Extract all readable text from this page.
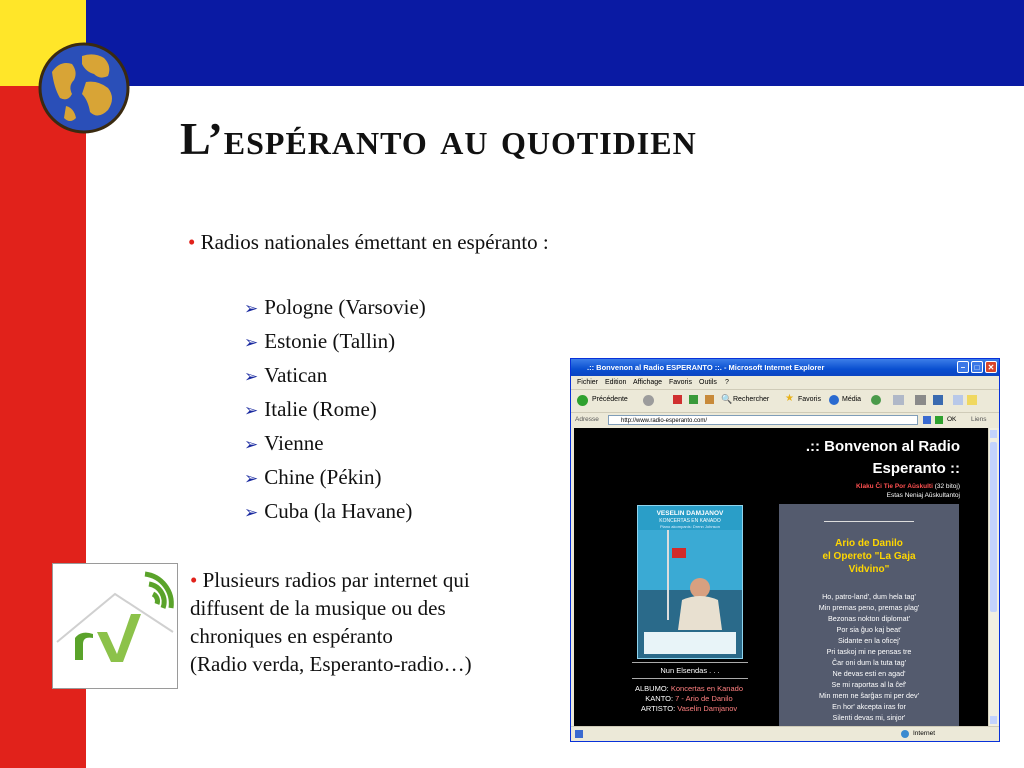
L’espéranto au quotidien
• Radios nationales émettant en espéranto :
➢ Pologne (Varsovie)
➢ Estonie (Tallin)
➢ Vatican
➢ Italie (Rome)
➢ Vienne
➢ Chine (Pékin)
➢ Cuba (la Havane)
• Plusieurs radios par internet qui
diffusent de la musique ou des
chroniques en espéranto
(Radio verda, Esperanto-radio…)
.:: Bonvenon al Radio ESPERANTO ::. - Microsoft Internet Explorer	–	□	✕
Fichier Edition Affichage Favoris Outils ?
Précédente	🔍 Rechercher ★ Favoris	Média
Adresse	http://www.radio-esperanto.com/	OK Liens
.:: Bonvenon al Radio
Esperanto ::
Klaku Ĉi Tie Por Aŭskulti (32 bitoj)
Estas Neniaj Aŭskultantoj
VESELIN DAMJANOV
KONCERTAS EN KANADO
Piano akompanis: Drenn Johnson
Nun Elsendas . . .
ALBUMO: Koncertas en Kanado
KANTO: 7 - Ario de Danilo
ARTISTO: Vaselin Damjanov
Ario de Danilo
el Opereto "La Gaja
Vidvino"
Ho, patro-land', dum hela tag'
Min premas peno, premas plag'
Bezonas nokton diplomat'
Por sia ĝuo kaj beat'
Sidante en la oficej'
Pri taskoj mi ne pensas tre
Ĉar oni dum la tuta tag'
Ne devas esti en agad'
Se mi raportas al la ĉef'
Min mem ne ŝarĝas mi per dev'
En hor' akcepta iras for
Silenti devas mi, sinjor'
Internet
